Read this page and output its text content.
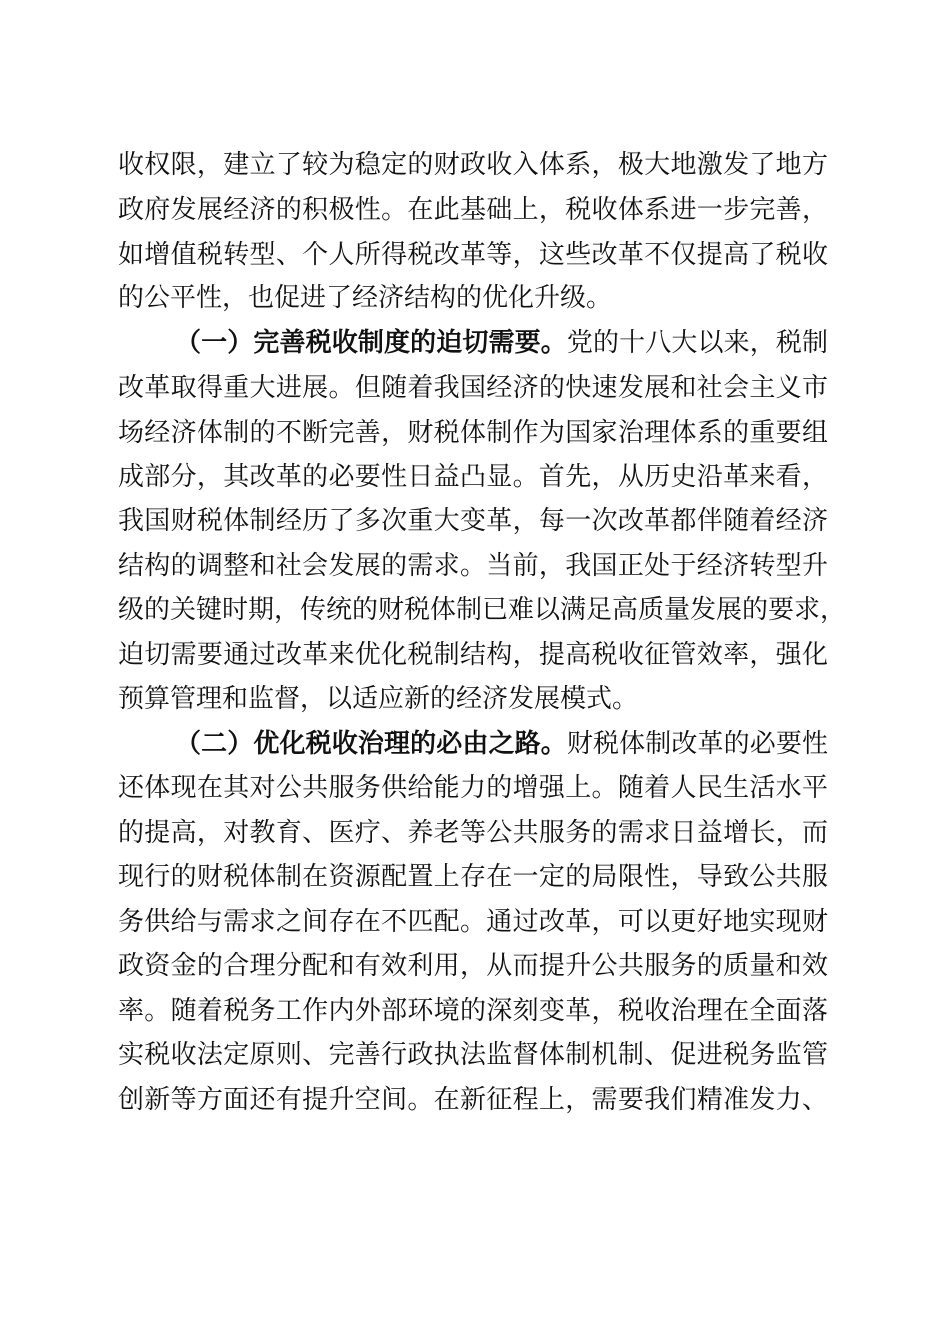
收权限，建立了较为稳定的财政收入体系，极大地激发了地方
政府发展经济的积极性。在此基础上，税收体系进一步完善，
如增值税转型、个人所得税改革等，这些改革不仅提高了税收
的公平性，也促进了经济结构的优化升级。
（一）完善税收制度的迫切需要。党的十八大以来，税制
改革取得重大进展。但随着我国经济的快速发展和社会主义市
场经济体制的不断完善，财税体制作为国家治理体系的重要组
成部分，其改革的必要性日益凸显。首先，从历史沿革来看，
我国财税体制经历了多次重大变革，每一次改革都伴随着经济
结构的调整和社会发展的需求。当前，我国正处于经济转型升
级的关键时期，传统的财税体制已难以满足高质量发展的要求，
迫切需要通过改革来优化税制结构，提高税收征管效率，强化
预算管理和监督，以适应新的经济发展模式。
（二）优化税收治理的必由之路。财税体制改革的必要性
还体现在其对公共服务供给能力的增强上。随着人民生活水平
的提高，对教育、医疗、养老等公共服务的需求日益增长，而
现行的财税体制在资源配置上存在一定的局限性，导致公共服
务供给与需求之间存在不匹配。通过改革，可以更好地实现财
政资金的合理分配和有效利用，从而提升公共服务的质量和效
率。随着税务工作内外部环境的深刻变革，税收治理在全面落
实税收法定原则、完善行政执法监督体制机制、促进税务监管
创新等方面还有提升空间。在新征程上，需要我们精准发力、
